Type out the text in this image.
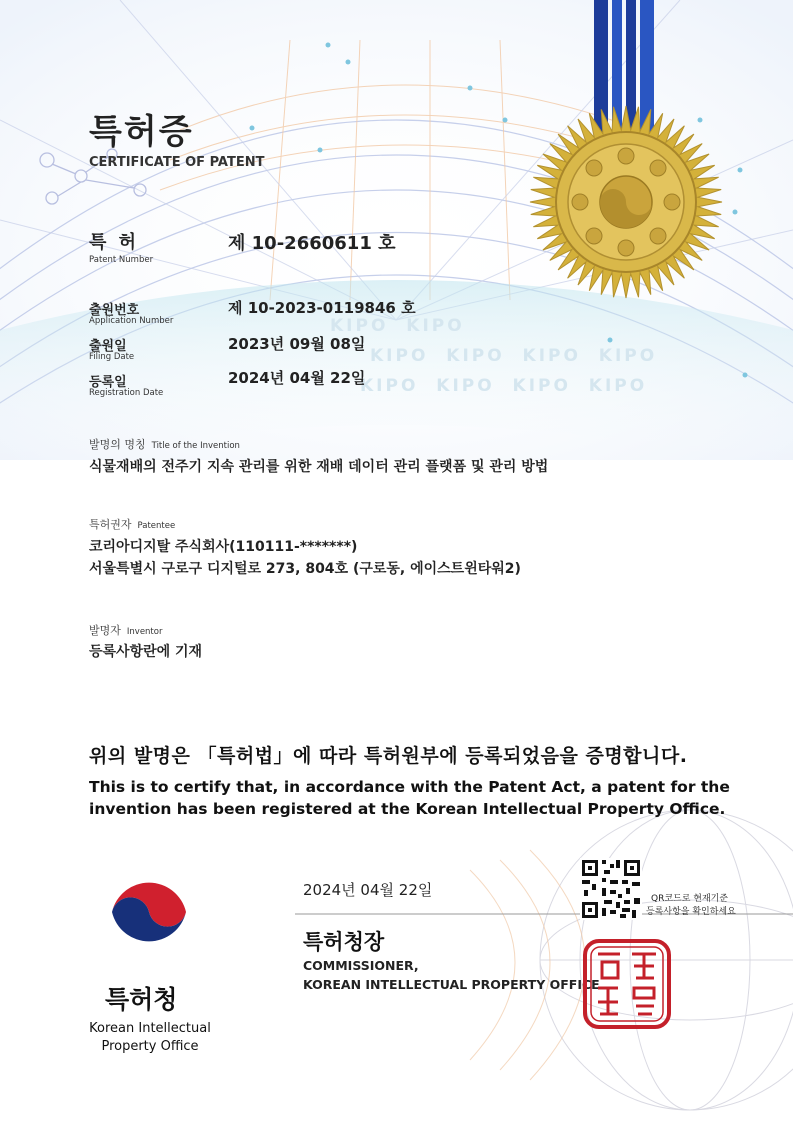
KIPO KIPO
KIPO KIPO KIPO KIPO
KIPO KIPO KIPO KIPO
특허증
CERTIFICATE OF PATENT
특 허
Patent Number
제 10-2660611 호
출원번호
Application Number
제 10-2023-0119846 호
출원일
Filing Date
2023년 09월 08일
등록일
Registration Date
2024년 04월 22일
발명의 명칭 Title of the Invention
식물재배의 전주기 지속 관리를 위한 재배 데이터 관리 플랫폼 및 관리 방법
특허권자 Patentee
코리아디지탈 주식회사(110111-*******)
서울특별시 구로구 디지털로 273, 804호 (구로동, 에이스트윈타워2)
발명자 Inventor
등록사항란에 기재
위의 발명은 「특허법」에 따라 특허원부에 등록되었음을 증명합니다.
This is to certify that, in accordance with the Patent Act, a patent for the
invention has been registered at the Korean Intellectual Property Office.
2024년 04월 22일
특허청장
COMMISSIONER,
KOREAN INTELLECTUAL PROPERTY OFFICE
QR코드로 현재기준
등록사항을 확인하세요
특허청
Korean Intellectual
Property Office
